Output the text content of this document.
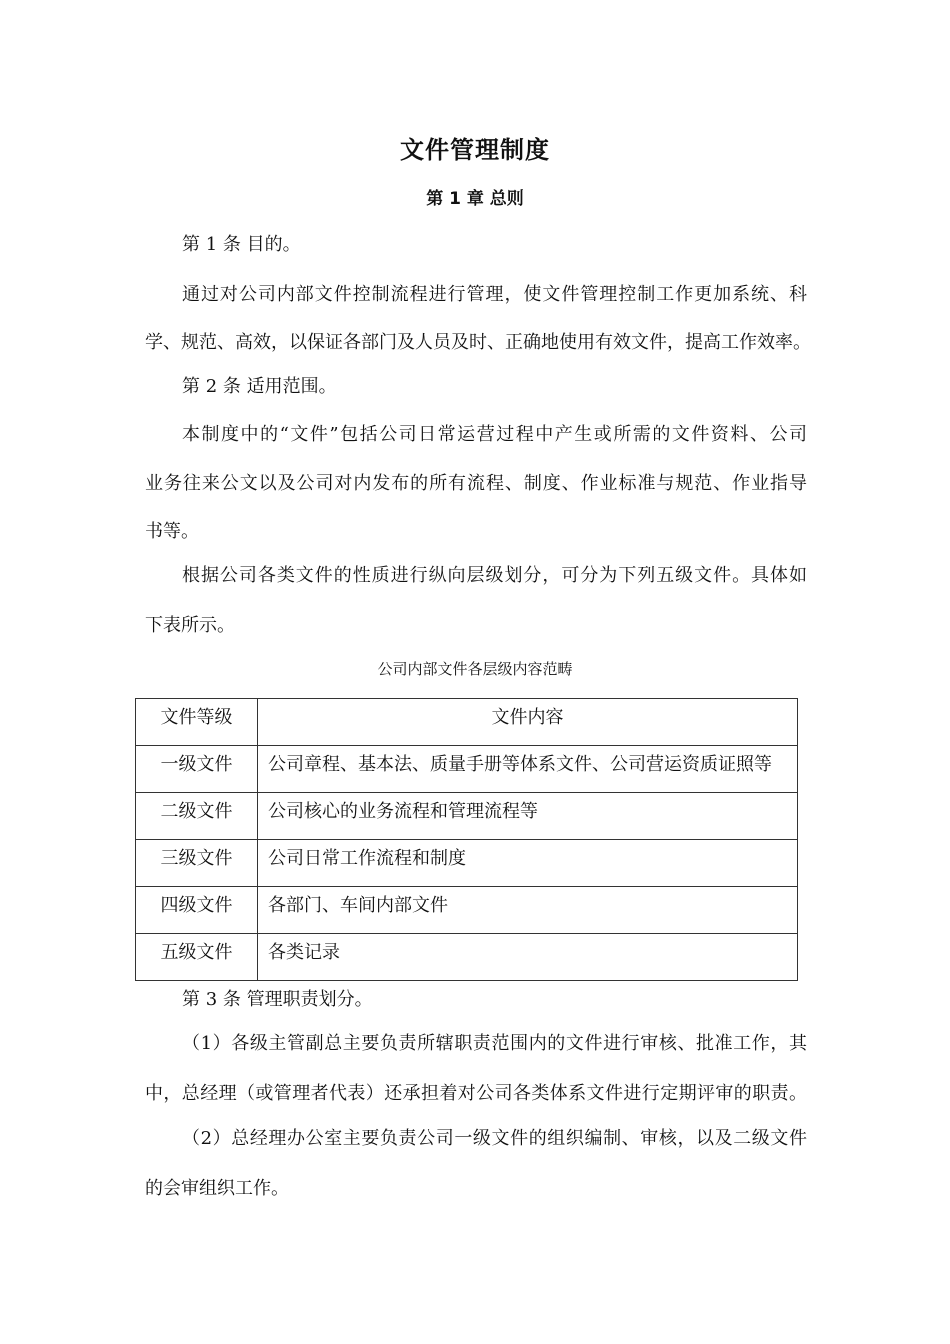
文件管理制度
第 1 章 总则
第 1 条 目的。
通过对公司内部文件控制流程进行管理，使文件管理控制工作更加系统、科
学、规范、高效，以保证各部门及人员及时、正确地使用有效文件，提高工作效率。
第 2 条 适用范围。
本制度中的“文件”包括公司日常运营过程中产生或所需的文件资料、公司
业务往来公文以及公司对内发布的所有流程、制度、作业标准与规范、作业指导
书等。
根据公司各类文件的性质进行纵向层级划分，可分为下列五级文件。具体如
下表所示。
公司内部文件各层级内容范畴
文件等级	文件内容

一级文件	公司章程、基本法、质量手册等体系文件、公司营运资质证照等

二级文件	公司核心的业务流程和管理流程等

三级文件	公司日常工作流程和制度

四级文件	各部门、车间内部文件

五级文件	各类记录
第 3 条 管理职责划分。
（1）各级主管副总主要负责所辖职责范围内的文件进行审核、批准工作，其
中，总经理（或管理者代表）还承担着对公司各类体系文件进行定期评审的职责。
（2）总经理办公室主要负责公司一级文件的组织编制、审核，以及二级文件
的会审组织工作。
